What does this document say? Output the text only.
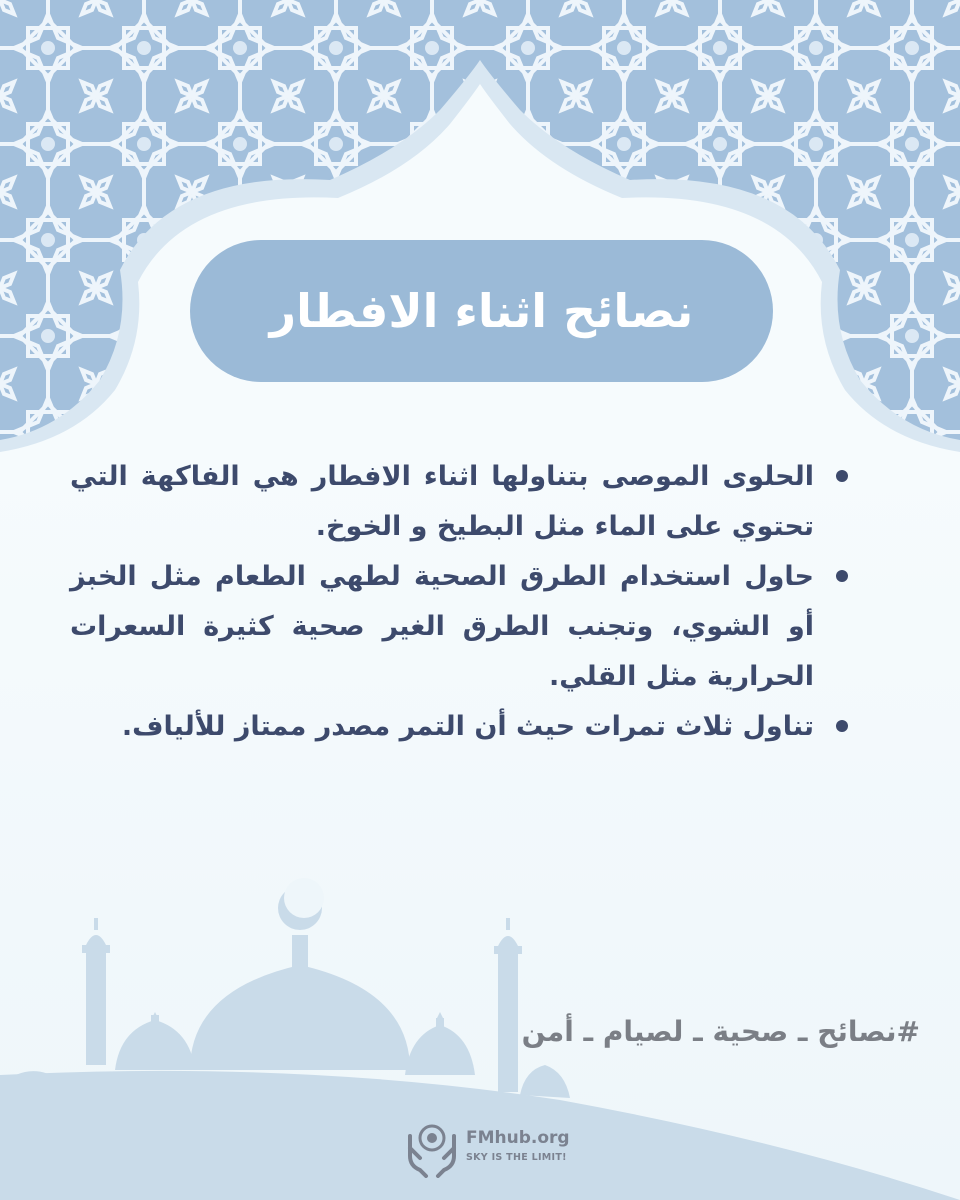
نصائح اثناء الافطار
الحلوى الموصى بتناولها اثناء الافطار هي الفاكهة التي تحتوي على الماء مثل البطيخ و الخوخ.
حاول استخدام الطرق الصحية لطهي الطعام مثل الخبز أو الشوي، وتجنب الطرق الغير صحية كثيرة السعرات الحرارية مثل القلي.
تناول ثلاث تمرات حيث أن التمر مصدر ممتاز للألياف.
#نصائح ـ صحية ـ لصيام ـ أمن
FMhub.org
SKY IS THE LIMIT!
